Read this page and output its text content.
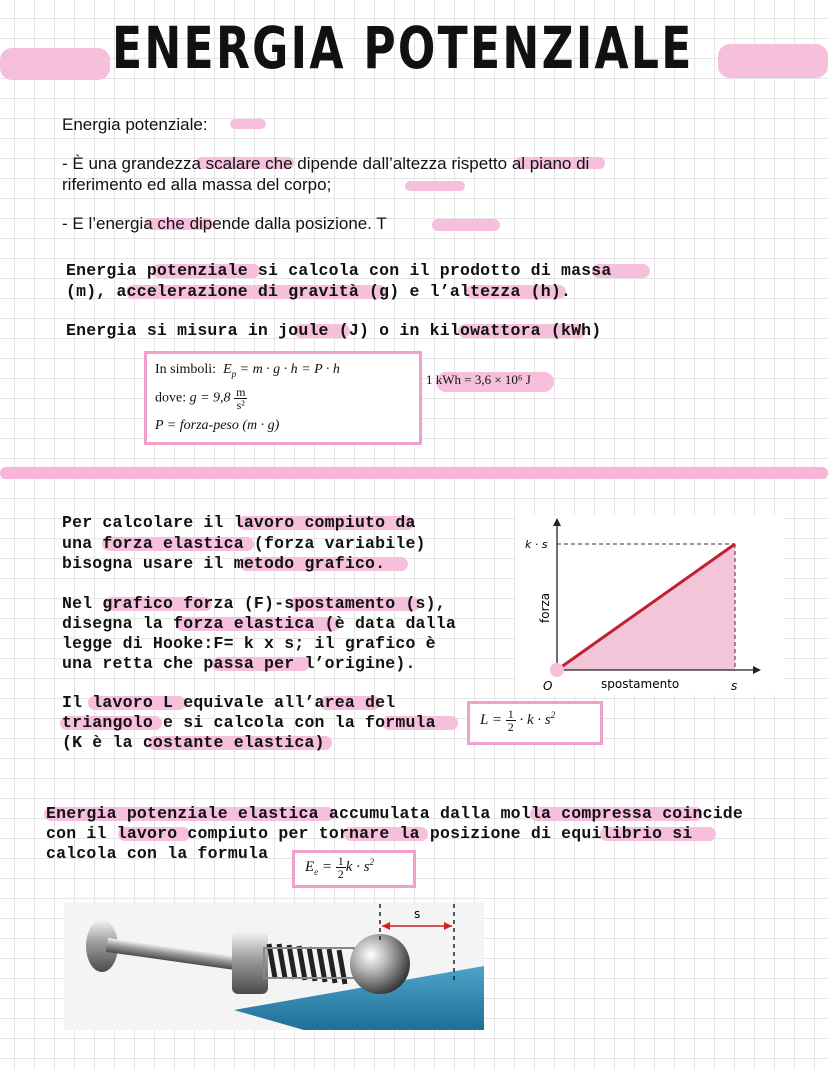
ENERGIA POTENZIALE
Energia potenziale:
- È una grandezza scalare che dipende dall’altezza rispetto al piano di
riferimento ed alla massa del corpo;
- E l’energia che dipende dalla posizione. T
Energia potenziale si calcola con il prodotto di massa
(m), accelerazione di gravità (g) e l’altezza (h).
Energia si misura in joule (J) o in kilowattora (kWh)
In simboli:  $E_p = m \cdot g \cdot h = P \cdot h$
dove: $g = 9,8 \frac{m}{\text{s²}}$
P = forza-peso (m · g)
1 kWh = 3,6 × 10⁶ J
Per calcolare il lavoro compiuto da
una forza elastica (forza variabile)
bisogna usare il metodo grafico.
Nel grafico forza (F)-spostamento (s),
disegna la forza elastica (è data dalla
legge di Hooke:F= k x s; il grafico è
una retta che passa per l’origine).
Il lavoro L equivale all’area del
triangolo e si calcola con la formula
(K è la costante elastica)
$L = \frac{1}{2} \cdot k \cdot s^2$
O	s
k · s
spostamento
forza
Energia potenziale elastica accumulata dalla molla compressa coincide
con il lavoro compiuto per tornare la posizione di equilibrio si
calcola con la formula
$E_e = \frac{1}{2}$ $k \cdot s^2$
s
